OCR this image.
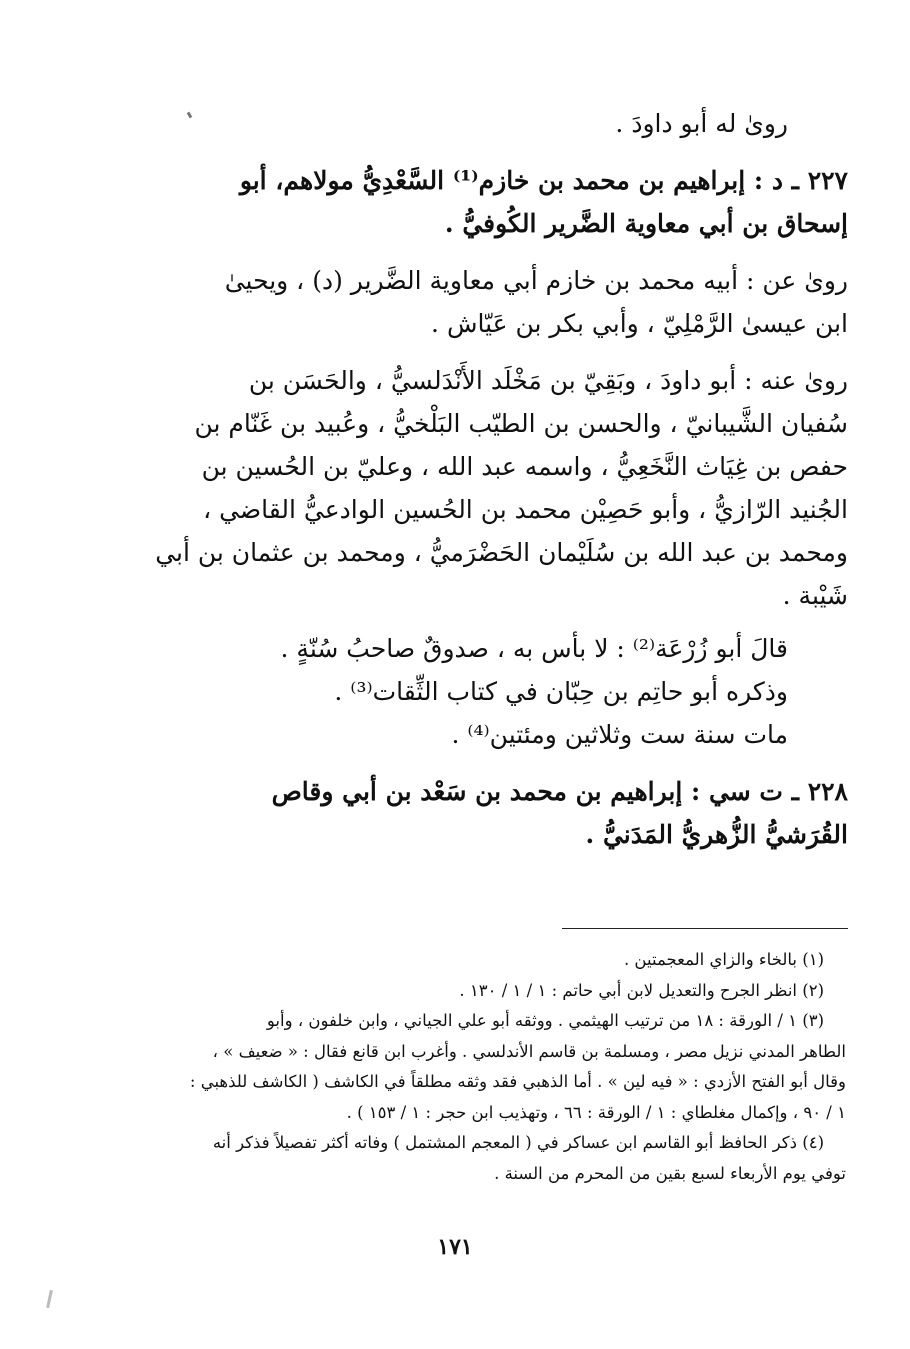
رویٰ له أبو داودَ .

٢٢٧ ـ د : إبراهيم بن محمد بن خازم⁽¹⁾ السَّعْدِيُّ مولاهم، أبو
إسحاق بن أبي معاوية الضَّرير الكُوفيُّ .

رویٰ عن : أبيه محمد بن خازم أبي معاوية الضَّرير (د) ، ويحيىٰ
ابن عيسىٰ الرَّمْلِيّ ، وأبي بكر بن عَيّاش .

رویٰ عنه : أبو داودَ ، وبَقِيّ بن مَخْلَد الأَنْدَلسيُّ ، والحَسَن بن
سُفيان الشَّيبانيّ ، والحسن بن الطيّب البَلْخيُّ ، وعُبيد بن غَنّام بن
حفص بن غِيَاث النَّخَعِيُّ ، واسمه عبد الله ، وعليّ بن الحُسين بن
الجُنيد الرّازيُّ ، وأبو حَصِيْن محمد بن الحُسين الوادعيُّ القاضي ،
ومحمد بن عبد الله بن سُلَيْمان الحَضْرَميُّ ، ومحمد بن عثمان بن أبي
شَيْبة .

قالَ أبو زُرْعَة⁽²⁾ : لا بأس به ، صدوقٌ صاحبُ سُنّةٍ .

وذكره أبو حاتِم بن حِبّان في كتاب الثِّقات⁽³⁾ .

مات سنة ست وثلاثين ومئتين⁽⁴⁾ .

٢٢٨ ـ ت سي : إبراهيم بن محمد بن سَعْد بن أبي وقاص
القُرَشيُّ الزُّهريُّ المَدَنيُّ .

(١) بالخاء والزاي المعجمتين .

(٢) انظر الجرح والتعديل لابن أبي حاتم : ١ / ١ / ١٣٠ .

(٣) ١ / الورقة : ١٨ من ترتيب الهيثمي . ووثقه أبو علي الجياني ، وابن خلفون ، وأبو
الطاهر المدني نزيل مصر ، ومسلمة بن قاسم الأندلسي . وأغرب ابن قانع فقال : « ضعيف » ،
وقال أبو الفتح الأزدي : « فيه لين » . أما الذهبي فقد وثقه مطلقاً في الكاشف ( الكاشف للذهبي :
١ / ٩٠ ، وإكمال مغلطاي : ١ / الورقة : ٦٦ ، وتهذيب ابن حجر : ١ / ١٥٣ ) .

(٤) ذكر الحافظ أبو القاسم ابن عساكر في ( المعجم المشتمل ) وفاته أكثر تفصيلاً فذكر أنه
توفي يوم الأربعاء لسبع بقين من المحرم من السنة .

١٧١
